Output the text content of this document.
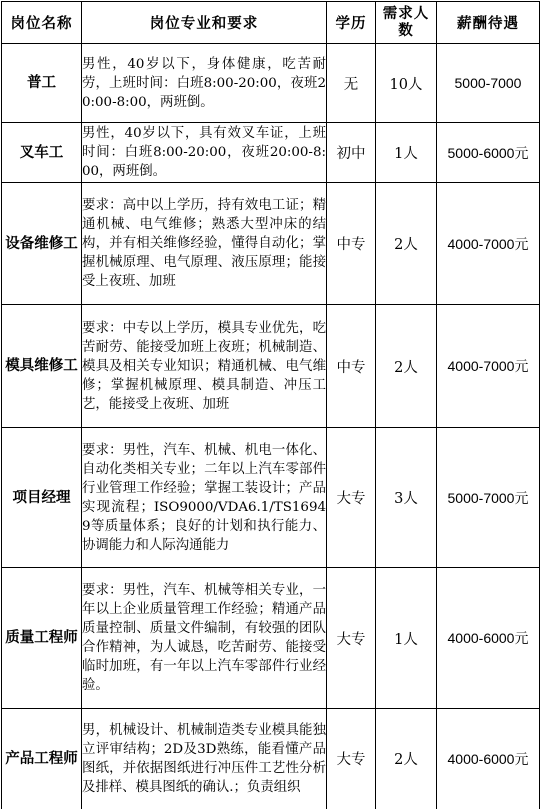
岗位名称	岗位专业和要求	学历	需求人数	薪酬待遇
普工	男性，40岁以下，身体健康，吃苦耐劳，上班时间：白班8:00-20:00，夜班20:00-8:00，两班倒。	无	10人	5000-7000
叉车工	男性，40岁以下，具有效叉车证，上班时间：白班8:00-20:00，夜班20:00-8:00，两班倒。	初中	1人	5000-6000元
设备维修工	要求：高中以上学历，持有效电工证；精通机械、电气维修；熟悉大型冲床的结构，并有相关维修经验，懂得自动化；掌握机械原理、电气原理、液压原理；能接受上夜班、加班	中专	2人	4000-7000元
模具维修工	要求：中专以上学历，模具专业优先，吃苦耐劳、能接受加班上夜班；机械制造、模具及相关专业知识；精通机械、电气维修；掌握机械原理、模具制造、冲压工艺，能接受上夜班、加班	中专	2人	4000-7000元
项目经理	要求：男性，汽车、机械、机电一体化、自动化类相关专业；二年以上汽车零部件行业管理工作经验；掌握工装设计；产品实现流程；ISO9000/VDA6.1/TS16949等质量体系；良好的计划和执行能力、协调能力和人际沟通能力	大专	3人	5000-7000元
质量工程师	要求：男性，汽车、机械等相关专业，一年以上企业质量管理工作经验；精通产品质量控制、质量文件编制，有较强的团队合作精神，为人诚恳，吃苦耐劳、能接受临时加班，有一年以上汽车零部件行业经验。	大专	1人	4000-6000元
产品工程师	男，机械设计、机械制造类专业模具能独立评审结构；2D及3D熟练，能看懂产品图纸，并依据图纸进行冲压件工艺性分析及排样、模具图纸的确认.；负责组织	大专	2人	4000-6000元
